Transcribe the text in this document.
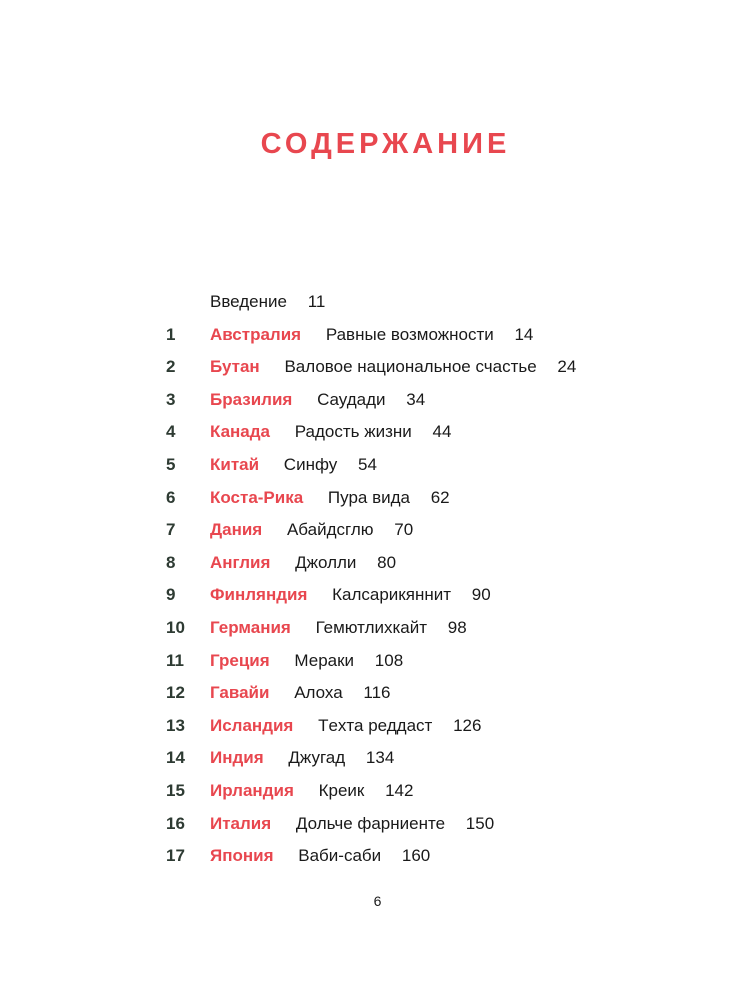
СОДЕРЖАНИЕ
Введение 11
1 Австралия Равные возможности 14
2 Бутан Валовое национальное счастье 24
3 Бразилия Саудади 34
4 Канада Радость жизни 44
5 Китай Синфу 54
6 Коста-Рика Пура вида 62
7 Дания Абайдсглю 70
8 Англия Джолли 80
9 Финляндия Калсарикяннит 90
10 Германия Гемютлихкайт 98
11 Греция Мераки 108
12 Гавайи Алоха 116
13 Исландия Тexта реддаст 126
14 Индия Джугад 134
15 Ирландия Креик 142
16 Италия Дольче фарниенте 150
17 Япония Ваби-саби 160
6
